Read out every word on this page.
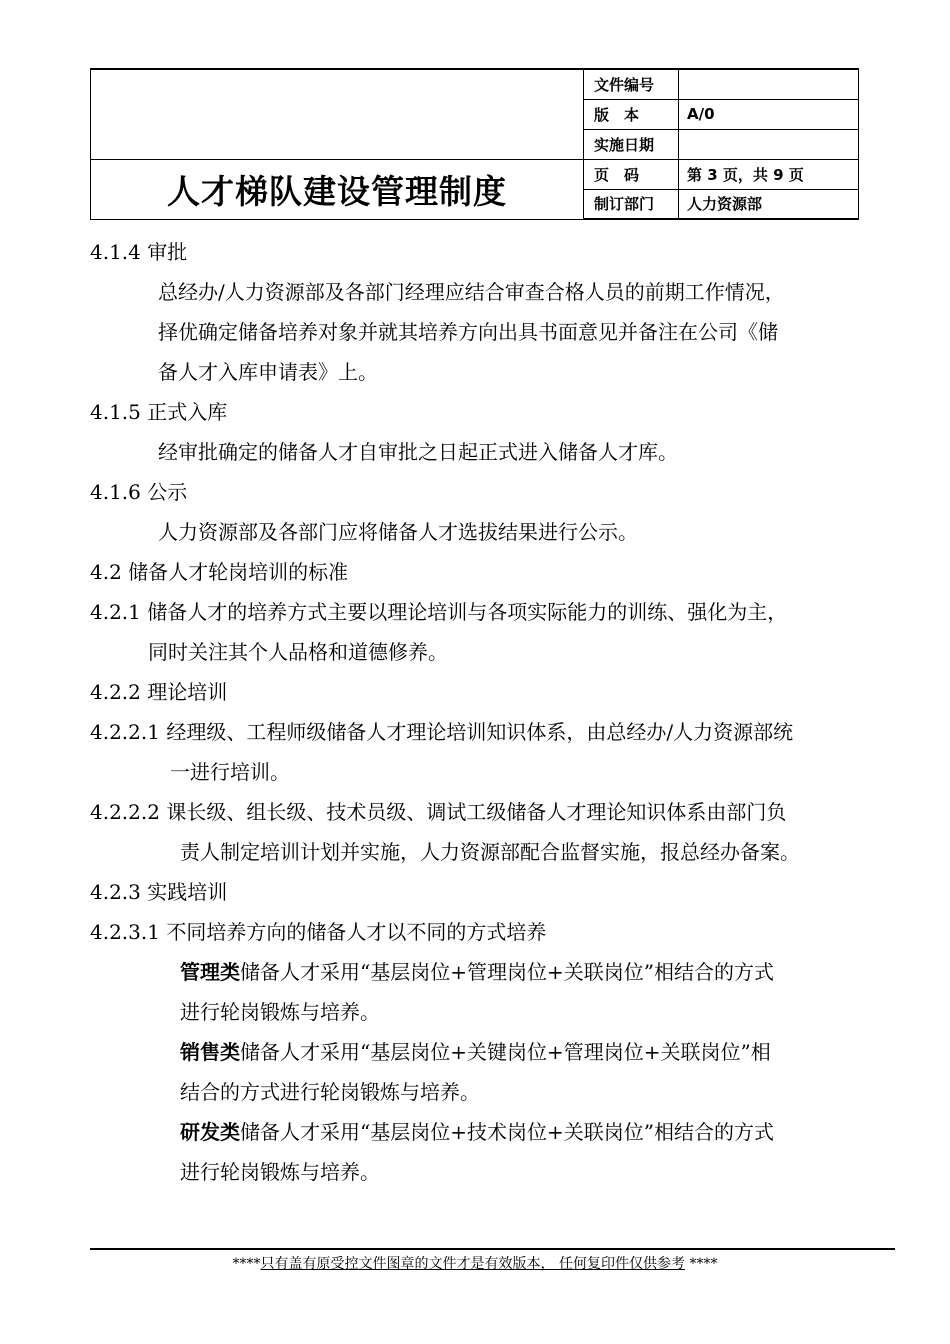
	文件编号	
	版　本	A/0
	实施日期	
人才梯队建设管理制度	页　码	第 3 页，共 9 页
	制订部门	人力资源部
4.1.4 审批
总经办/人力资源部及各部门经理应结合审查合格人员的前期工作情况，
择优确定储备培养对象并就其培养方向出具书面意见并备注在公司《储
备人才入库申请表》上。
4.1.5 正式入库
经审批确定的储备人才自审批之日起正式进入储备人才库。
4.1.6 公示
人力资源部及各部门应将储备人才选拔结果进行公示。
4.2 储备人才轮岗培训的标准
4.2.1 储备人才的培养方式主要以理论培训与各项实际能力的训练、强化为主，
同时关注其个人品格和道德修养。
4.2.2 理论培训
4.2.2.1 经理级、工程师级储备人才理论培训知识体系，由总经办/人力资源部统
一进行培训。
4.2.2.2 课长级、组长级、技术员级、调试工级储备人才理论知识体系由部门负
责人制定培训计划并实施，人力资源部配合监督实施，报总经办备案。
4.2.3 实践培训
4.2.3.1 不同培养方向的储备人才以不同的方式培养
管理类储备人才采用“基层岗位+管理岗位+关联岗位”相结合的方式
进行轮岗锻炼与培养。
销售类储备人才采用“基层岗位+关键岗位+管理岗位+关联岗位”相
结合的方式进行轮岗锻炼与培养。
研发类储备人才采用“基层岗位+技术岗位+关联岗位”相结合的方式
进行轮岗锻炼与培养。
****只有盖有原受控文件图章的文件才是有效版本， 任何复印件仅供参考 ****
